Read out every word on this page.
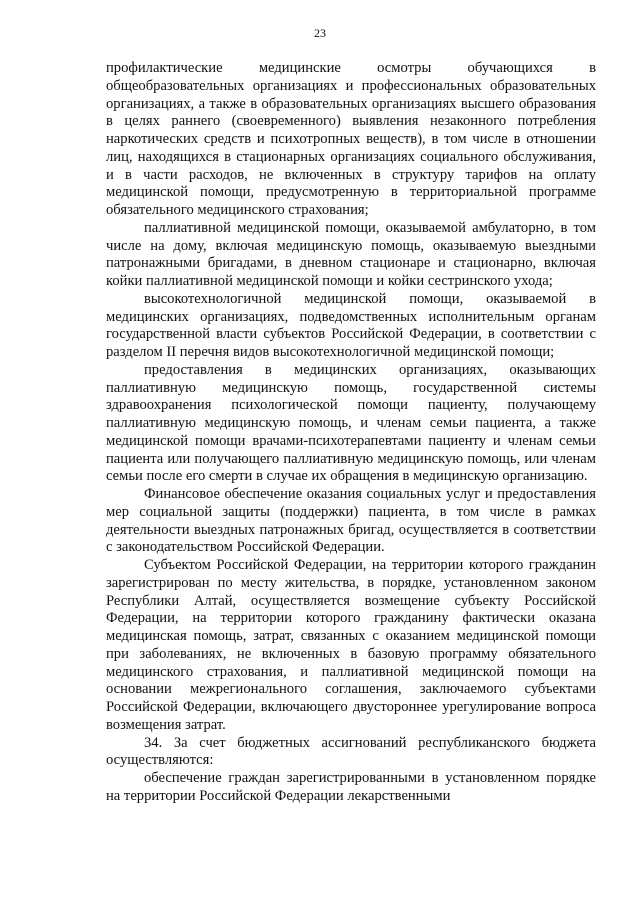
23

профилактические медицинские осмотры обучающихся в общеобразовательных организациях и профессиональных образовательных организациях, а также в образовательных организациях высшего образования в целях раннего (своевременного) выявления незаконного потребления наркотических средств и психотропных веществ), в том числе в отношении лиц, находящихся в стационарных организациях социального обслуживания, и в части расходов, не включенных в структуру тарифов на оплату медицинской помощи, предусмотренную в территориальной программе обязательного медицинского страхования;

паллиативной медицинской помощи, оказываемой амбулаторно, в том числе на дому, включая медицинскую помощь, оказываемую выездными патронажными бригадами, в дневном стационаре и стационарно, включая койки паллиативной медицинской помощи и койки сестринского ухода;

высокотехнологичной медицинской помощи, оказываемой в медицинских организациях, подведомственных исполнительным органам государственной власти субъектов Российской Федерации, в соответствии с разделом II перечня видов высокотехнологичной медицинской помощи;

предоставления в медицинских организациях, оказывающих паллиативную медицинскую помощь, государственной системы здравоохранения психологической помощи пациенту, получающему паллиативную медицинскую помощь, и членам семьи пациента, а также медицинской помощи врачами-психотерапевтами пациенту и членам семьи пациента или получающего паллиативную медицинскую помощь, или членам семьи после его смерти в случае их обращения в медицинскую организацию.

Финансовое обеспечение оказания социальных услуг и предоставления мер социальной защиты (поддержки) пациента, в том числе в рамках деятельности выездных патронажных бригад, осуществляется в соответствии с законодательством Российской Федерации.

Субъектом Российской Федерации, на территории которого гражданин зарегистрирован по месту жительства, в порядке, установленном законом Республики Алтай, осуществляется возмещение субъекту Российской Федерации, на территории которого гражданину фактически оказана медицинская помощь, затрат, связанных с оказанием медицинской помощи при заболеваниях, не включенных в базовую программу обязательного медицинского страхования, и паллиативной медицинской помощи на основании межрегионального соглашения, заключаемого субъектами Российской Федерации, включающего двустороннее урегулирование вопроса возмещения затрат.

34. За счет бюджетных ассигнований республиканского бюджета осуществляются:

обеспечение граждан зарегистрированными в установленном порядке на территории Российской Федерации лекарственными
